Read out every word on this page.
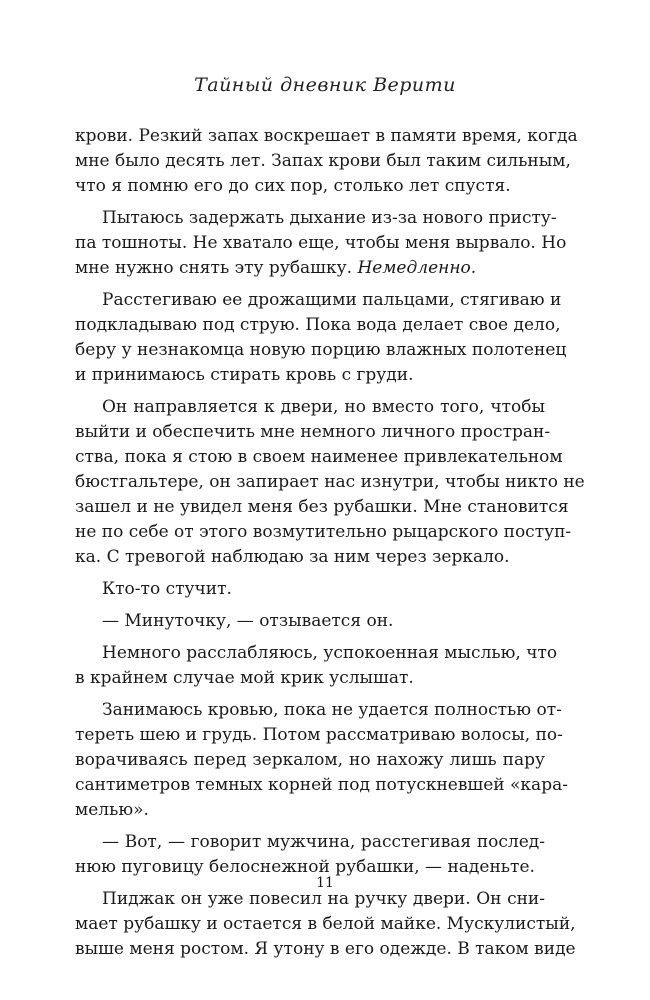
Тайный дневник Верити
крови. Резкий запах воскрешает в памяти время, когда
мне было десять лет. Запах крови был таким сильным,
что я помню его до сих пор, столько лет спустя.
Пытаюсь задержать дыхание из-за нового присту-
па тошноты. Не хватало еще, чтобы меня вырвало. Но
мне нужно снять эту рубашку. Немедленно.
Расстегиваю ее дрожащими пальцами, стягиваю и
подкладываю под струю. Пока вода делает свое дело,
беру у незнакомца новую порцию влажных полотенец
и принимаюсь стирать кровь с груди.
Он направляется к двери, но вместо того, чтобы
выйти и обеспечить мне немного личного простран-
ства, пока я стою в своем наименее привлекательном
бюстгальтере, он запирает нас изнутри, чтобы никто не
зашел и не увидел меня без рубашки. Мне становится
не по себе от этого возмутительно рыцарского поступ-
ка. С тревогой наблюдаю за ним через зеркало.
Кто-то стучит.
— Минуточку, — отзывается он.
Немного расслабляюсь, успокоенная мыслью, что
в крайнем случае мой крик услышат.
Занимаюсь кровью, пока не удается полностью от-
тереть шею и грудь. Потом рассматриваю волосы, по-
ворачиваясь перед зеркалом, но нахожу лишь пару
сантиметров темных корней под потускневшей «кара-
мелью».
— Вот, — говорит мужчина, расстегивая послед-
нюю пуговицу белоснежной рубашки, — наденьте.
Пиджак он уже повесил на ручку двери. Он сни-
мает рубашку и остается в белой майке. Мускулистый,
выше меня ростом. Я утону в его одежде. В таком виде
11
